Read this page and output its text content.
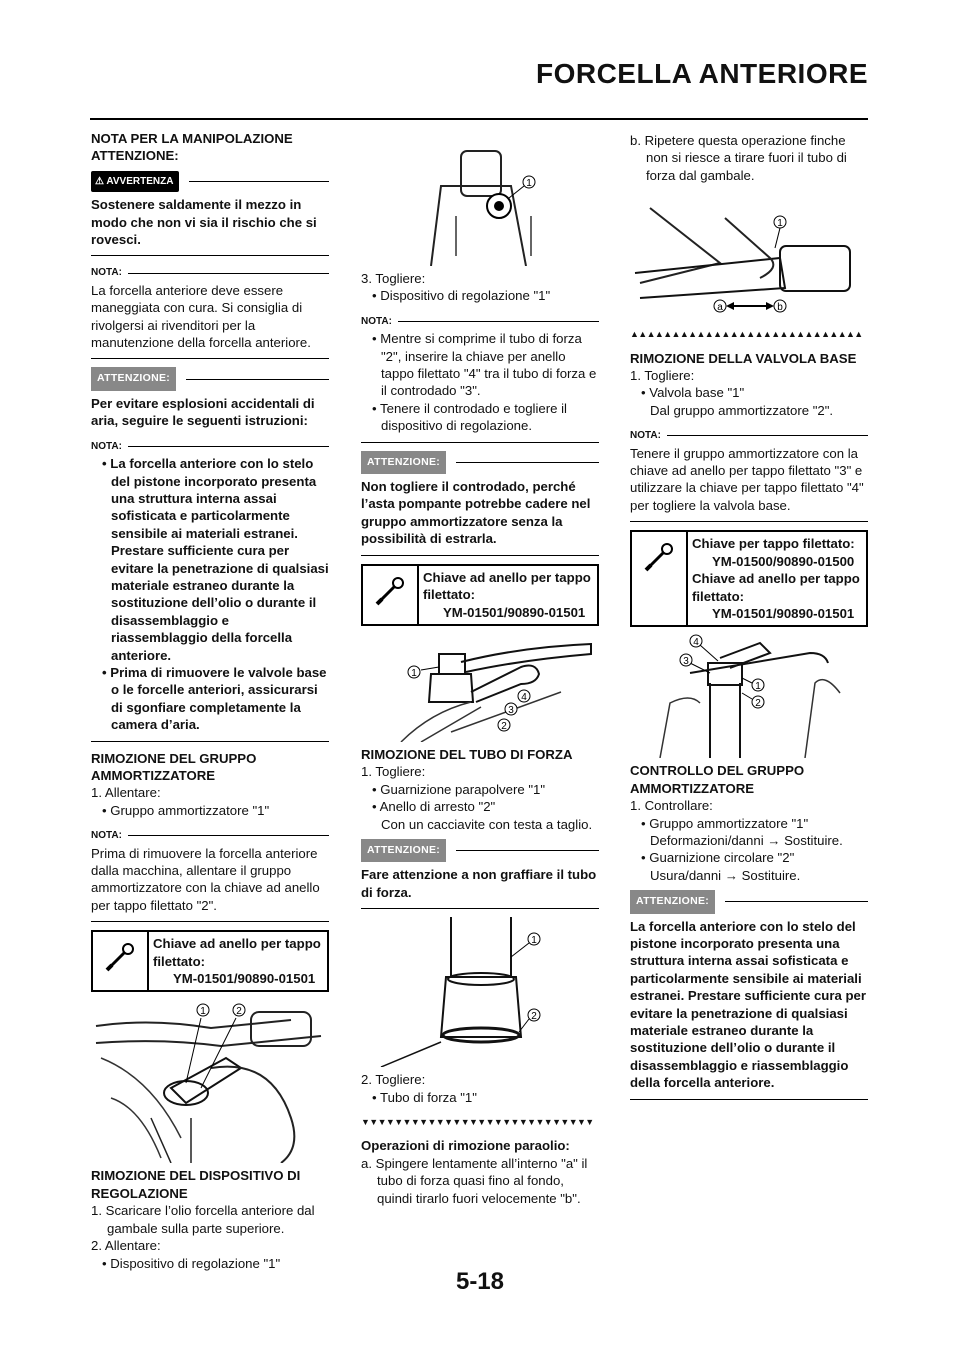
FORCELLA ANTERIORE

NOTA PER LA MANIPOLAZIONE ATTENZIONE:

⚠ AVVERTENZA

Sostenere saldamente il mezzo in modo che non vi sia il rischio che si rovesci.

NOTA:

La forcella anteriore deve essere maneggiata con cura. Si consiglia di rivolgersi ai rivenditori per la manutenzione della forcella anteriore.

ATTENZIONE:

Per evitare esplosioni accidentali di aria, seguire le seguenti istruzioni:

NOTA:

• La forcella anteriore con lo stelo del pistone incorporato presenta una struttura interna assai sofisticata e particolarmente sensibile ai materiali estranei. Prestare sufficiente cura per evitare la penetrazione di qualsiasi materiale estraneo durante la sostituzione dell’olio o durante il disassemblaggio e riassemblaggio della forcella anteriore.

• Prima di rimuovere le valvole base o le forcelle anteriori, assicurarsi di sgonfiare completamente la camera d’aria.

RIMOZIONE DEL GRUPPO AMMORTIZZATORE

1. Allentare:

• Gruppo ammortizzatore "1"

NOTA:

Prima di rimuovere la forcella anteriore dalla macchina, allentare il gruppo ammortizzatore con la chiave ad anello per tappo filettato "2".

Chiave ad anello per tappo filettato:
YM-01501/90890-01501
1	2

RIMOZIONE DEL DISPOSITIVO DI REGOLAZIONE

1. Scaricare l’olio forcella anteriore dal gambale sulla parte superiore.

2. Allentare:

• Dispositivo di regolazione "1"

1

3. Togliere:

• Dispositivo di regolazione "1"

NOTA:

• Mentre si comprime il tubo di forza "2", inserire la chiave per anello tappo filettato "4" tra il tubo di forza e il controdado "3".

• Tenere il controdado e togliere il dispositivo di regolazione.

ATTENZIONE:

Non togliere il controdado, perché l’asta pompante potrebbe cadere nel gruppo ammortizzatore senza la possibilità di estrarla.

Chiave ad anello per tappo filettato:
YM-01501/90890-01501
1
4
3
2

RIMOZIONE DEL TUBO DI FORZA

1. Togliere:

• Guarnizione parapolvere "1"

• Anello di arresto "2"

Con un cacciavite con testa a taglio.

ATTENZIONE:

Fare attenzione a non graffiare il tubo di forza.

1
2

2. Togliere:

• Tubo di forza "1"

▼▼▼▼▼▼▼▼▼▼▼▼▼▼▼▼▼▼▼▼▼▼▼▼▼▼▼▼

Operazioni di rimozione paraolio:

a. Spingere lentamente all’interno "a" il tubo di forza quasi fino al fondo, quindi tirarlo fuori velocemente "b".

b. Ripetere questa operazione finche non si riesce a tirare fuori il tubo di forza dal gambale.

1
a	b
▲▲▲▲▲▲▲▲▲▲▲▲▲▲▲▲▲▲▲▲▲▲▲▲▲▲▲▲

RIMOZIONE DELLA VALVOLA BASE

1. Togliere:

• Valvola base "1"

Dal gruppo ammortizzatore "2".

NOTA:

Tenere il gruppo ammortizzatore con la chiave ad anello per tappo filettato "3" e utilizzare la chiave per tappo filettato "4" per togliere la valvola base.

Chiave per tappo filettato:
YM-01500/90890-01500
Chiave ad anello per tappo filettato:
YM-01501/90890-01501
4
3
1
2

CONTROLLO DEL GRUPPO AMMORTIZZATORE

1. Controllare:

• Gruppo ammortizzatore "1"

Deformazioni/danni → Sostituire.

• Guarnizione circolare "2"

Usura/danni → Sostituire.

ATTENZIONE:

La forcella anteriore con lo stelo del pistone incorporato presenta una struttura interna assai sofisticata e particolarmente sensibile ai materiali estranei. Prestare sufficiente cura per evitare la penetrazione di qualsiasi materiale estraneo durante la sostituzione dell’olio o durante il disassemblaggio e riassemblaggio della forcella anteriore.

5-18
